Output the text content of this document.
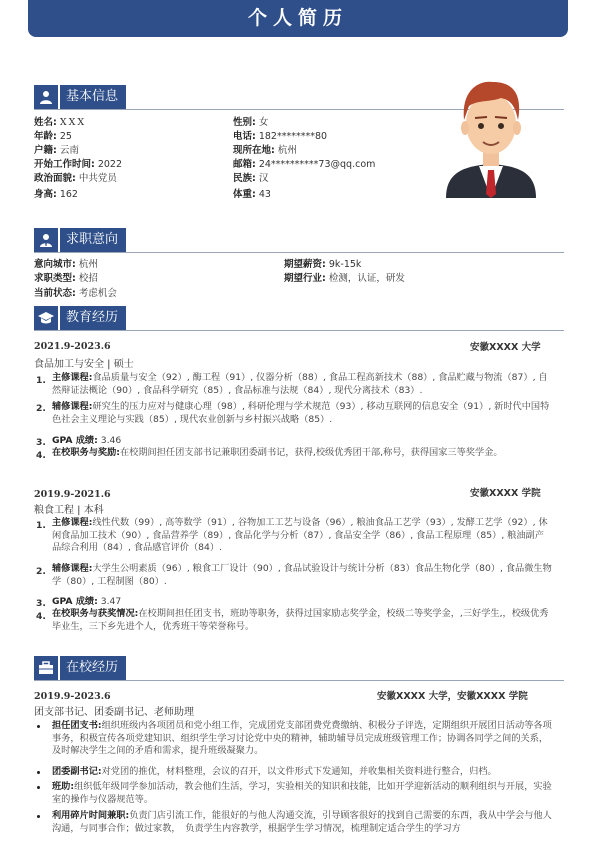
个人简历
基本信息
姓名: XXX
年龄: 25
户籍: 云南
开始工作时间: 2022
政治面貌: 中共党员
身高: 162
性别: 女
电话: 182********80
现所在地: 杭州
邮箱: 24**********73@qq.com
民族: 汉
体重: 43
求职意向
意向城市: 杭州
求职类型: 校招
当前状态: 考虑机会
期望薪资: 9k-15k
期望行业: 检测，认证，研发
教育经历
2021.9-2023.6	安徽XXXX 大学
食品加工与安全 | 硕士
1. 主修课程:食品质量与安全（92）, 酶工程（91）, 仪器分析（88）, 食品工程高新技术（88）, 食品贮藏与物流（87）, 自然辩证法概论（90）, 食品科学研究（85）, 食品标准与法规（84）, 现代分离技术（83）.
2. 辅修课程:研究生的压力应对与健康心理（98）, 科研伦理与学术规范（93）, 移动互联网的信息安全（91）, 新时代中国特色社会主义理论与实践（85）, 现代农业创新与乡村振兴战略（85）.
3. GPA 成绩: 3.46
4. 在校职务与奖励:在校期间担任团支部书记兼职团委副书记，获得,校级优秀团干部,称号，获得国家三等奖学金。
2019.9-2021.6	安徽XXXX 学院
粮食工程 | 本科
1. 主修课程:线性代数（99）, 高等数学（91）, 谷物加工工艺与设备（96）, 粮油食品工艺学（93）, 发酵工艺学（92）, 休闲食品加工技术（90）, 食品营养学（89）, 食品化学与分析（87）, 食品安全学（86）, 食品工程原理（85）, 粮油副产品综合利用（84）, 食品感官评价（84）.
2. 辅修课程:大学生公明素质（96）, 粮食工厂设计（90）, 食品试验设计与统计分析（83）食品生物化学（80）, 食品微生物学（80）, 工程制图（80）.
3. GPA 成绩: 3.47
4. 在校职务与获奖情况:在校期间担任团支书，班助等职务，获得过国家励志奖学金，校级二等奖学金，,三好学生,，校级优秀毕业生，三下乡先进个人，优秀班干等荣誉称号。
在校经历
2019.9-2023.6	安徽XXXX 大学，安徽XXXX 学院
团支部书记、团委副书记、老师助理
担任团支书:组织班级内各项团员和党小组工作，完成团党支部团费党费缴纳、积极分子评选，定期组织开展团日活动等各项事务，积极宣传各项党建知识、组织学生学习讨论党中央的精神，辅助辅导员完成班级管理工作；协调各同学之间的关系，及时解决学生之间的矛盾和需求，提升班级凝聚力。
团委副书记:对党团的推优，材料整理，会议的召开，以文件形式下发通知，并收集相关资料进行整合，归档。
班助:组织低年级同学参加活动，教会他们生活，学习，实验相关的知识和技能，比如开学迎新活动的顺利组织与开展，实验室的操作与仪器规范等。
利用碎片时间兼职:负责门店引流工作，能很好的与他人沟通交流，引导顾客很好的找到自己需要的东西，我从中学会与他人沟通，与同事合作；做过家教，　负责学生内容教学，根据学生学习情况，梳理制定适合学生的学习方
